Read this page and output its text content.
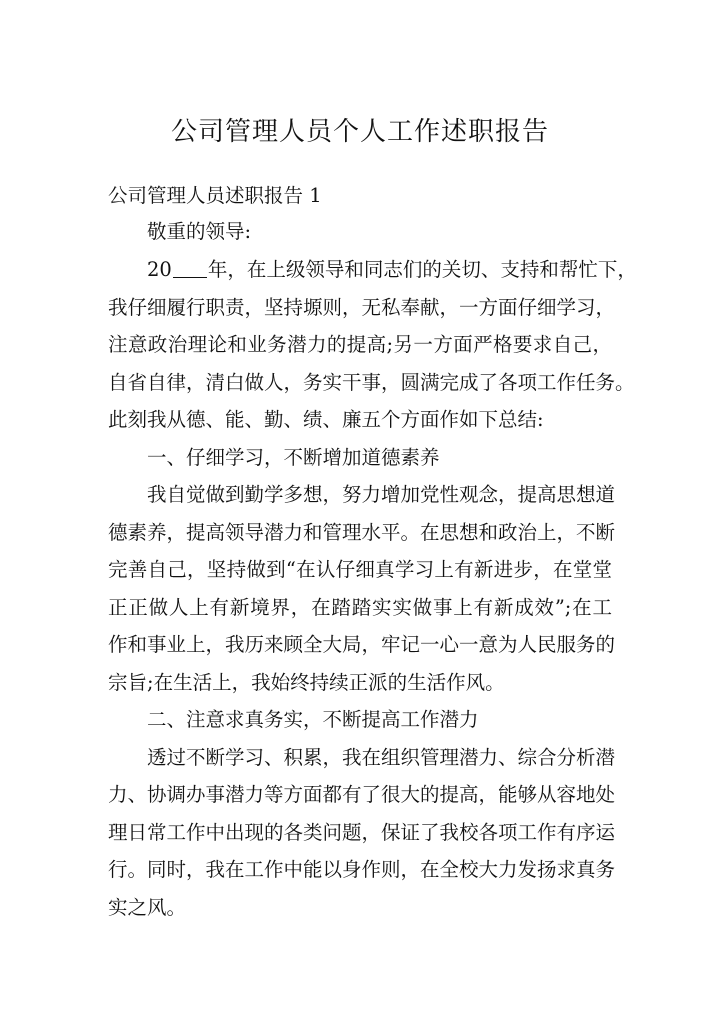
公司管理人员个人工作述职报告
公司管理人员述职报告 1
敬重的领导:
20 年，在上级领导和同志们的关切、支持和帮忙下，
我仔细履行职责，坚持塬则，无私奉献，一方面仔细学习，
注意政治理论和业务潜力的提高;另一方面严格要求自己，
自省自律，清白做人，务实干事，圆满完成了各项工作任务。
此刻我从德、能、勤、绩、廉五个方面作如下总结:
一、仔细学习，不断增加道德素养
我自觉做到勤学多想，努力增加党性观念，提高思想道
德素养，提高领导潜力和管理水平。在思想和政治上，不断
完善自己，坚持做到“在认仔细真学习上有新进步，在堂堂
正正做人上有新境界，在踏踏实实做事上有新成效”;在工
作和事业上，我历来顾全大局，牢记一心一意为人民服务的
宗旨;在生活上，我始终持续正派的生活作风。
二、注意求真务实，不断提高工作潜力
透过不断学习、积累，我在组织管理潜力、综合分析潜
力、协调办事潜力等方面都有了很大的提高，能够从容地处
理日常工作中出现的各类问题，保证了我校各项工作有序运
行。同时，我在工作中能以身作则，在全校大力发扬求真务
实之风。
